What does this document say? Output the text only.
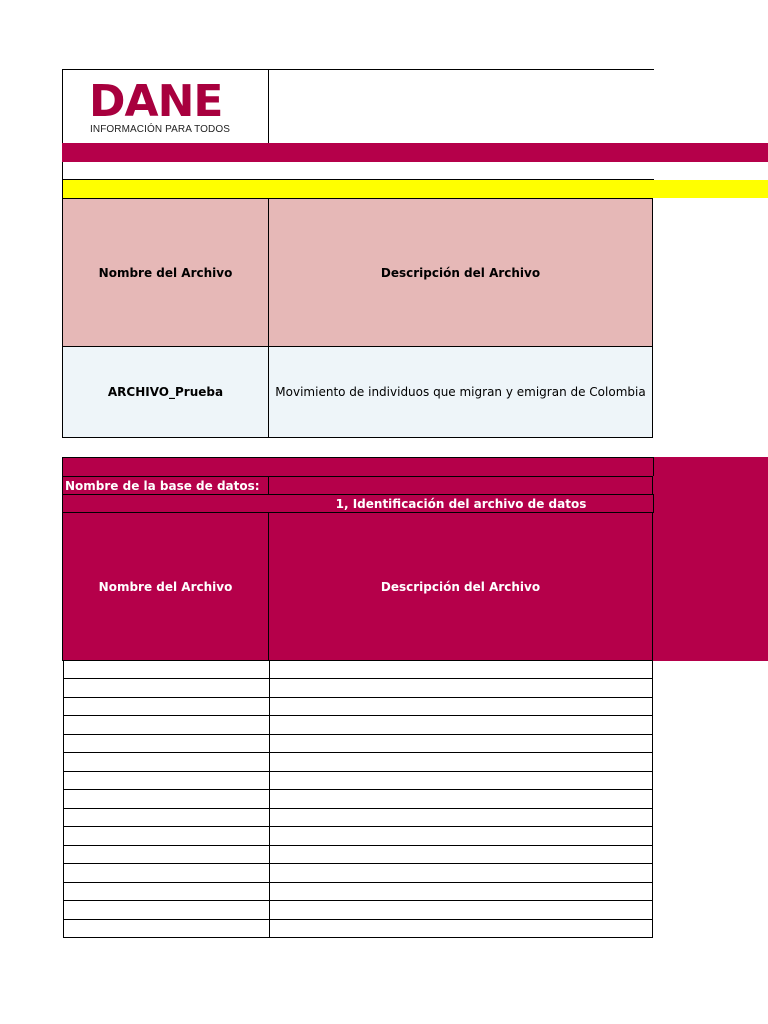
DANE
INFORMACIÓN PARA TODOS
Nombre del Archivo	Descripción del Archivo
ARCHIVO_Prueba	Movimiento de individuos que migran y emigran de Colombia
Nombre de la base de datos:
1, Identificación del archivo de datos
Nombre del Archivo	Descripción del Archivo
